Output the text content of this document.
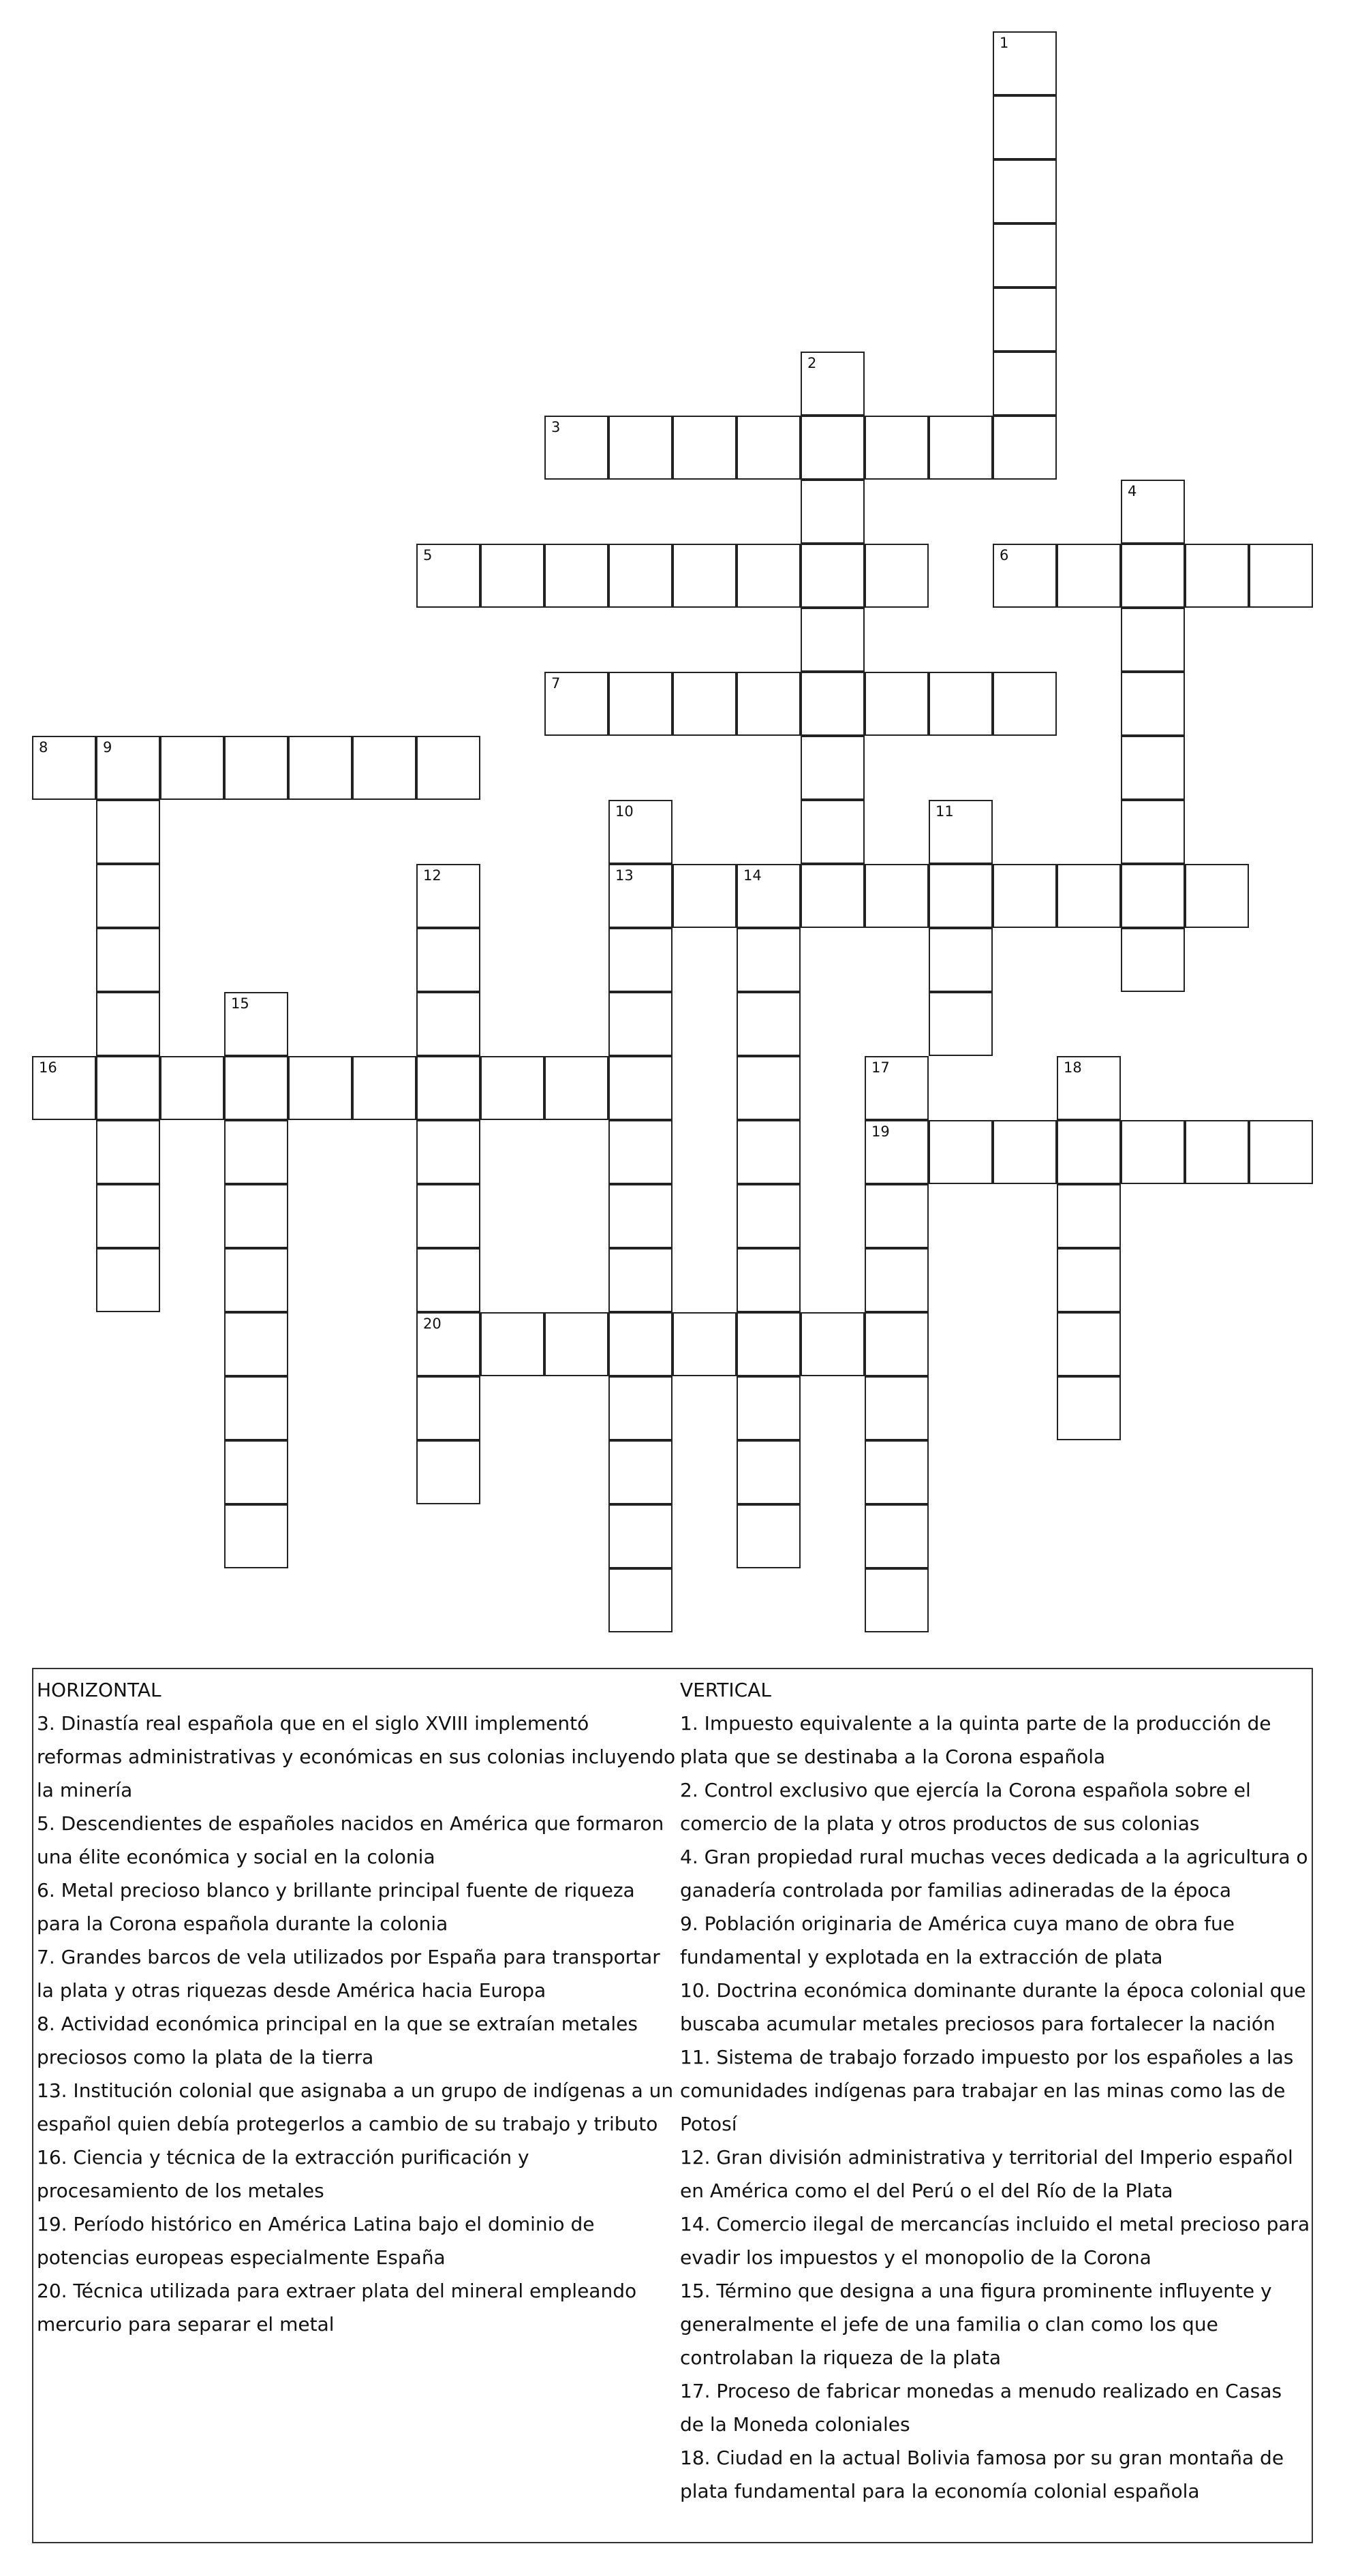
1
2
3
4
5	6
7
8	9
10
13
11
12
20
14
15
16	17
19
18

HORIZONTAL

3. Dinastía real española que en el siglo XVIII implementó reformas administrativas y económicas en sus colonias incluyendo la minería

5. Descendientes de españoles nacidos en América que formaron una élite económica y social en la colonia

6. Metal precioso blanco y brillante principal fuente de riqueza para la Corona española durante la colonia

7. Grandes barcos de vela utilizados por España para transportar la plata y otras riquezas desde América hacia Europa

8. Actividad económica principal en la que se extraían metales preciosos como la plata de la tierra

13. Institución colonial que asignaba a un grupo de indígenas a un español quien debía protegerlos a cambio de su trabajo y tributo

16. Ciencia y técnica de la extracción purificación y procesamiento de los metales

19. Período histórico en América Latina bajo el dominio de potencias europeas especialmente España

20. Técnica utilizada para extraer plata del mineral empleando mercurio para separar el metal

VERTICAL

1. Impuesto equivalente a la quinta parte de la producción de plata que se destinaba a la Corona española

2. Control exclusivo que ejercía la Corona española sobre el comercio de la plata y otros productos de sus colonias

4. Gran propiedad rural muchas veces dedicada a la agricultura o ganadería controlada por familias adineradas de la época

9. Población originaria de América cuya mano de obra fue fundamental y explotada en la extracción de plata

10. Doctrina económica dominante durante la época colonial que buscaba acumular metales preciosos para fortalecer la nación

11. Sistema de trabajo forzado impuesto por los españoles a las comunidades indígenas para trabajar en las minas como las de Potosí

12. Gran división administrativa y territorial del Imperio español en América como el del Perú o el del Río de la Plata

14. Comercio ilegal de mercancías incluido el metal precioso para evadir los impuestos y el monopolio de la Corona

15. Término que designa a una figura prominente influyente y generalmente el jefe de una familia o clan como los que controlaban la riqueza de la plata

17. Proceso de fabricar monedas a menudo realizado en Casas de la Moneda coloniales

18. Ciudad en la actual Bolivia famosa por su gran montaña de plata fundamental para la economía colonial española
